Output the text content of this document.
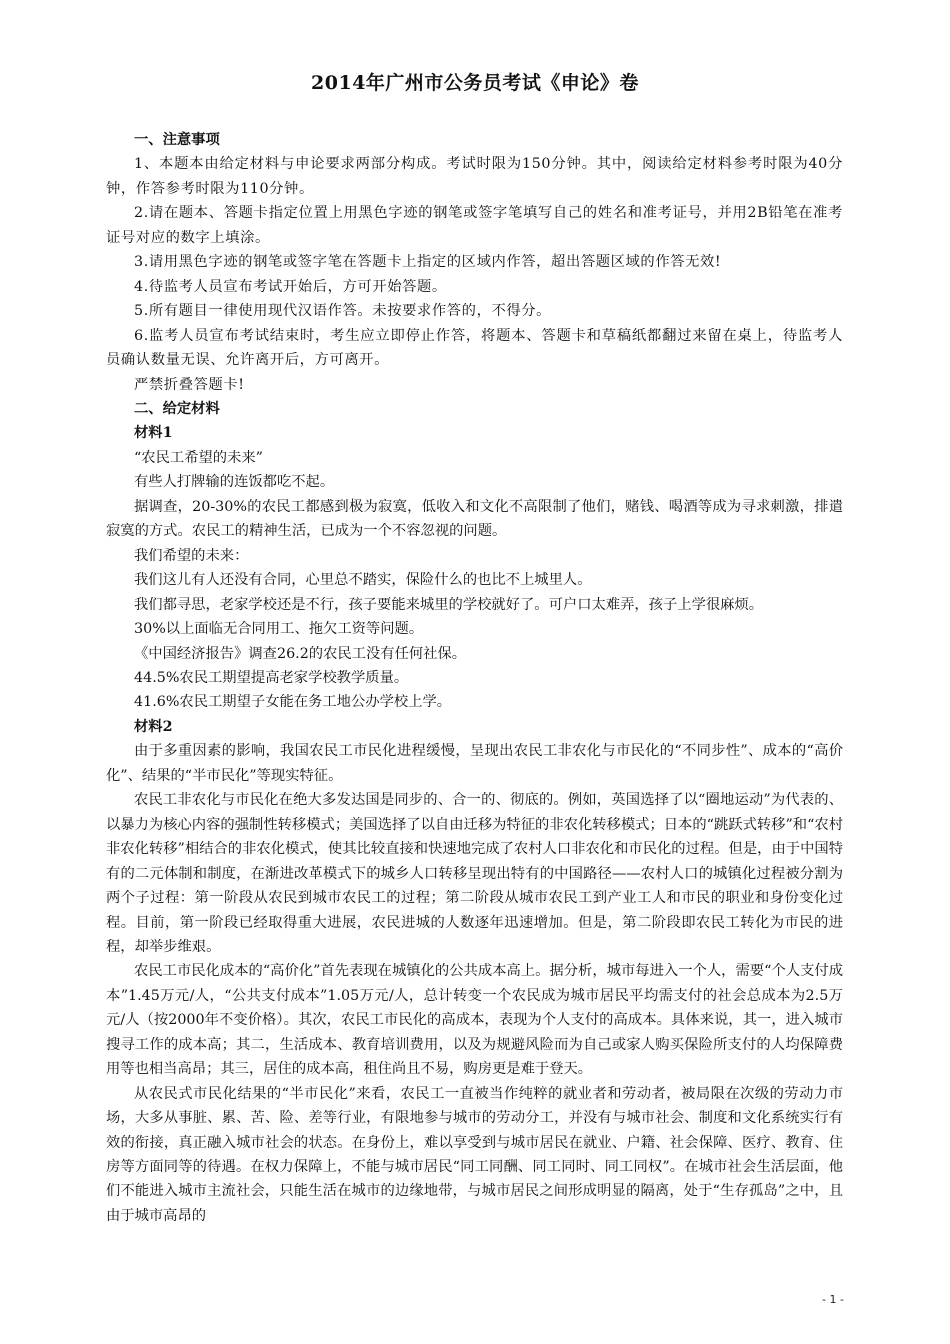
2014年广州市公务员考试《申论》卷

一、注意事项

1、本题本由给定材料与申论要求两部分构成。考试时限为150分钟。其中，阅读给定材料参考时限为40分钟，作答参考时限为110分钟。

2.请在题本、答题卡指定位置上用黑色字迹的钢笔或签字笔填写自己的姓名和准考证号，并用2B铅笔在准考证号对应的数字上填涂。

3.请用黑色字迹的钢笔或签字笔在答题卡上指定的区域内作答，超出答题区域的作答无效!

4.待监考人员宣布考试开始后，方可开始答题。

5.所有题目一律使用现代汉语作答。未按要求作答的，不得分。

6.监考人员宣布考试结束时，考生应立即停止作答，将题本、答题卡和草稿纸都翻过来留在桌上，待监考人员确认数量无误、允许离开后，方可离开。

严禁折叠答题卡!

二、给定材料

材料1

“农民工希望的未来”

有些人打牌输的连饭都吃不起。

据调查，20-30%的农民工都感到极为寂寞，低收入和文化不高限制了他们，赌钱、喝酒等成为寻求刺激，排遣寂寞的方式。农民工的精神生活，已成为一个不容忽视的问题。

我们希望的未来：

我们这儿有人还没有合同，心里总不踏实，保险什么的也比不上城里人。

我们都寻思，老家学校还是不行，孩子要能来城里的学校就好了。可户口太难弄，孩子上学很麻烦。

30%以上面临无合同用工、拖欠工资等问题。

《中国经济报告》调查26.2的农民工没有任何社保。

44.5%农民工期望提高老家学校教学质量。

41.6%农民工期望子女能在务工地公办学校上学。

材料2

由于多重因素的影响，我国农民工市民化进程缓慢，呈现出农民工非农化与市民化的“不同步性”、成本的“高价化”、结果的“半市民化”等现实特征。

农民工非农化与市民化在绝大多发达国是同步的、合一的、彻底的。例如，英国选择了以“圈地运动”为代表的、以暴力为核心内容的强制性转移模式；美国选择了以自由迁移为特征的非农化转移模式；日本的“跳跃式转移”和“农村非农化转移”相结合的非农化模式，使其比较直接和快速地完成了农村人口非农化和市民化的过程。但是，由于中国特有的二元体制和制度，在渐进改革模式下的城乡人口转移呈现出特有的中国路径——农村人口的城镇化过程被分割为两个子过程：第一阶段从农民到城市农民工的过程；第二阶段从城市农民工到产业工人和市民的职业和身份变化过程。目前，第一阶段已经取得重大进展，农民进城的人数逐年迅速增加。但是，第二阶段即农民工转化为市民的进程，却举步维艰。

农民工市民化成本的“高价化”首先表现在城镇化的公共成本高上。据分析，城市每进入一个人，需要“个人支付成本”1.45万元/人，“公共支付成本”1.05万元/人，总计转变一个农民成为城市居民平均需支付的社会总成本为2.5万元/人（按2000年不变价格）。其次，农民工市民化的高成本，表现为个人支付的高成本。具体来说，其一，进入城市搜寻工作的成本高；其二，生活成本、教育培训费用，以及为规避风险而为自己或家人购买保险所支付的人均保障费用等也相当高昂；其三，居住的成本高，租住尚且不易，购房更是难于登天。

从农民式市民化结果的“半市民化”来看，农民工一直被当作纯粹的就业者和劳动者，被局限在次级的劳动力市场，大多从事脏、累、苦、险、差等行业，有限地参与城市的劳动分工，并没有与城市社会、制度和文化系统实行有效的衔接，真正融入城市社会的状态。在身份上，难以享受到与城市居民在就业、户籍、社会保障、医疗、教育、住房等方面同等的待遇。在权力保障上，不能与城市居民“同工同酬、同工同时、同工同权”。在城市社会生活层面，他们不能进入城市主流社会，只能生活在城市的边缘地带，与城市居民之间形成明显的隔离，处于“生存孤岛”之中，且由于城市高昂的

- 1 -
